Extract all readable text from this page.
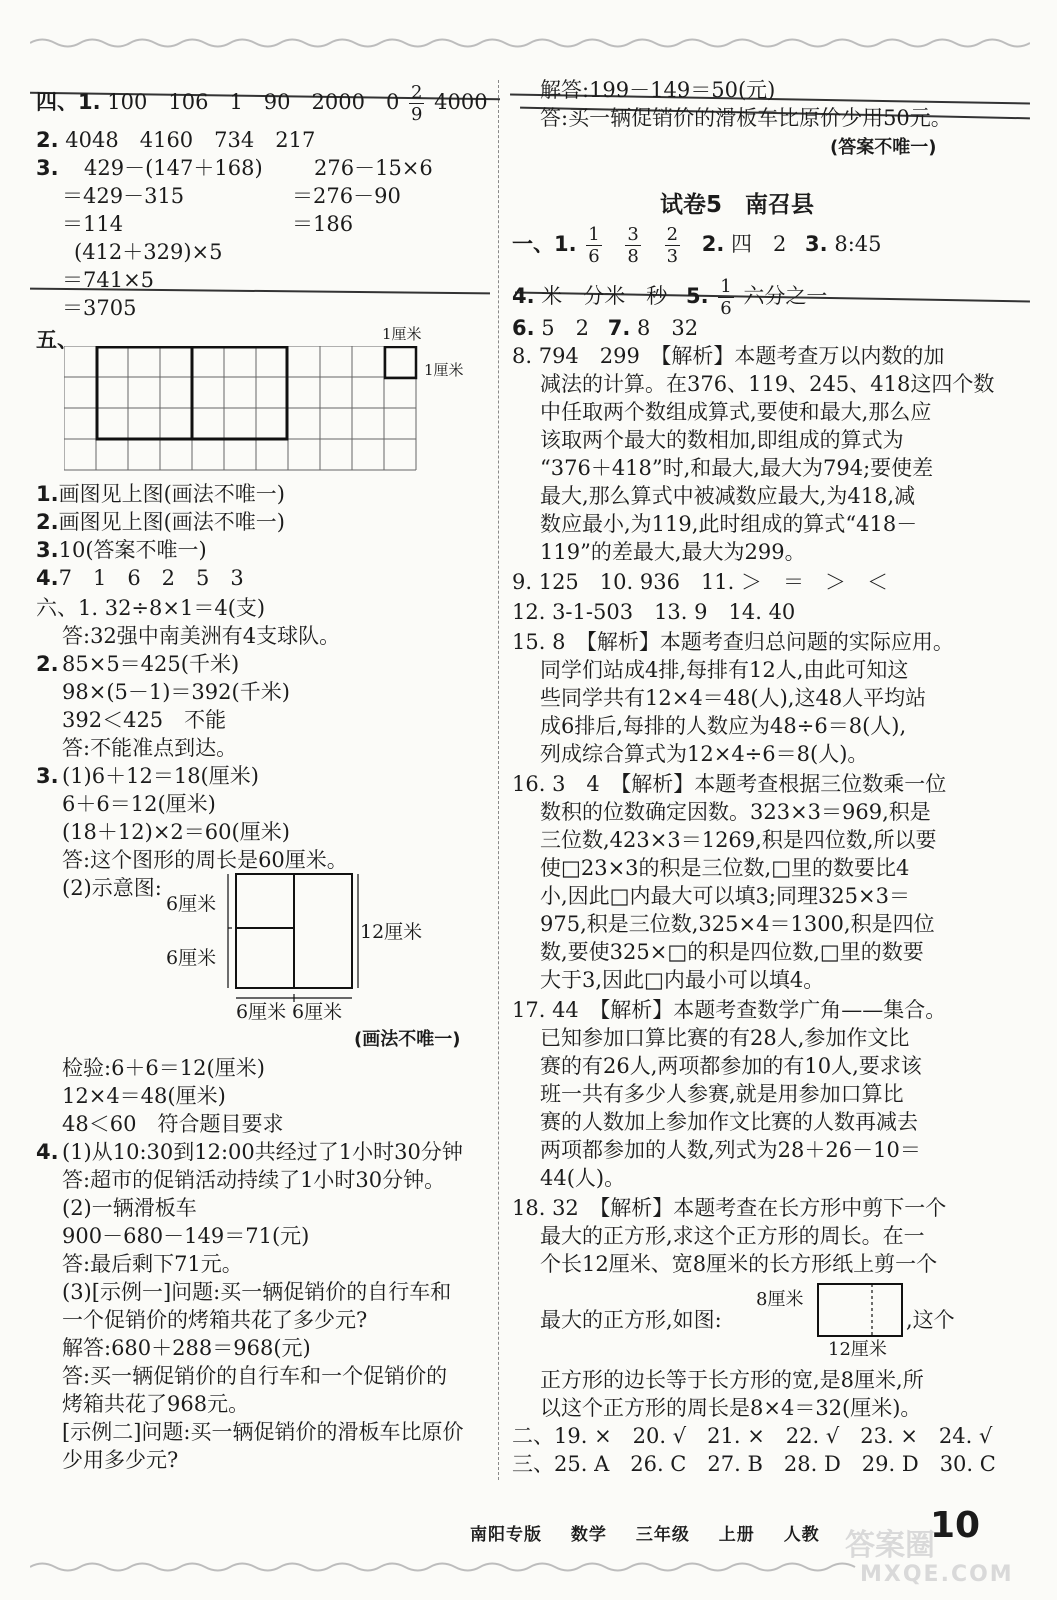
四、1. 100　106　1　90　2000　$0 \frac{2}{9} 4000$
2. 4048　4160　734　217
3. 429－(147＋168) 276－15×6
＝429－315	＝276－90
＝114	＝186
(412＋329)×5
＝741×5
＝3705
五、	1厘米
1厘米
1.画图见上图(画法不唯一)
2.画图见上图(画法不唯一)
3.10(答案不唯一)
4.7　1　6　2　5　3
六、1. 32÷8×1＝4(支)
答:32强中南美洲有4支球队。
2. 85×5＝425(千米)
98×(5－1)＝392(千米)
392＜425　不能
答:不能准点到达。
3. (1)6＋12＝18(厘米)
6＋6＝12(厘米)
(18＋12)×2＝60(厘米)
答:这个图形的周长是60厘米。
(2)示意图:
6厘米
6厘米
12厘米
6厘米 6厘米
(画法不唯一)
检验:6＋6＝12(厘米)
12×4＝48(厘米)
48＜60　符合题目要求
4. (1)从10:30到12:00共经过了1小时30分钟
答:超市的促销活动持续了1小时30分钟。
(2)一辆滑板车
900－680－149＝71(元)
答:最后剩下71元。
(3)[示例一]问题:买一辆促销价的自行车和
一个促销价的烤箱共花了多少元?
解答:680＋288＝968(元)
答:买一辆促销价的自行车和一个促销价的
烤箱共花了968元。
[示例二]问题:买一辆促销价的滑板车比原价
少用多少元?
解答:199－149＝50(元)
答:买一辆促销价的滑板车比原价少用50元。
(答案不唯一)
试卷5　南召县
一、1. $\frac{1}{6}$
$\frac{3}{8}$
$\frac{2}{3} 2$. 四　2 3. 8:45
4. 米　分米　秒 5. $\frac{1}{6}$ 六分之一
6. 5　2 7. 8　32
8. 794　299　【解析】本题考查万以内数的加
减法的计算。在376、119、245、418这四个数
中任取两个数组成算式,要使和最大,那么应
该取两个最大的数相加,即组成的算式为
“376＋418”时,和最大,最大为794;要使差
最大,那么算式中被减数应最大,为418,减
数应最小,为119,此时组成的算式“418－
119”的差最大,最大为299。
9. 125　10. 936　11. ＞　＝　＞　＜
12. 3-1-503　13. 9　14. 40
15. 8　【解析】本题考查归总问题的实际应用。
同学们站成4排,每排有12人,由此可知这
些同学共有12×4＝48(人),这48人平均站
成6排后,每排的人数应为48÷6＝8(人),
列成综合算式为12×4÷6＝8(人)。
16. 3　4　【解析】本题考查根据三位数乘一位
数积的位数确定因数。323×3＝969,积是
三位数,423×3＝1269,积是四位数,所以要
使□23×3的积是三位数,□里的数要比4
小,因此□内最大可以填3;同理325×3＝
975,积是三位数,325×4＝1300,积是四位
数,要使325×□的积是四位数,□里的数要
大于3,因此□内最小可以填4。
17. 44　【解析】本题考查数学广角——集合。
已知参加口算比赛的有28人,参加作文比
赛的有26人,两项都参加的有10人,要求该
班一共有多少人参赛,就是用参加口算比
赛的人数加上参加作文比赛的人数再减去
两项都参加的人数,列式为28＋26－10＝
44(人)。
18. 32　【解析】本题考查在长方形中剪下一个
最大的正方形,求这个正方形的周长。在一
个长12厘米、宽8厘米的长方形纸上剪一个
最大的正方形,如图:
8厘米
12厘米
,这个
正方形的边长等于长方形的宽,是8厘米,所
以这个正方形的周长是8×4＝32(厘米)。
二、19. ×　20. √　21. ×　22. √　23. ×　24. √
三、25. A　26. C　27. B　28. D　29. D　30. C
南阳专版 数学 三年级 上册 人教 答案圈
MXQE.COM
10
